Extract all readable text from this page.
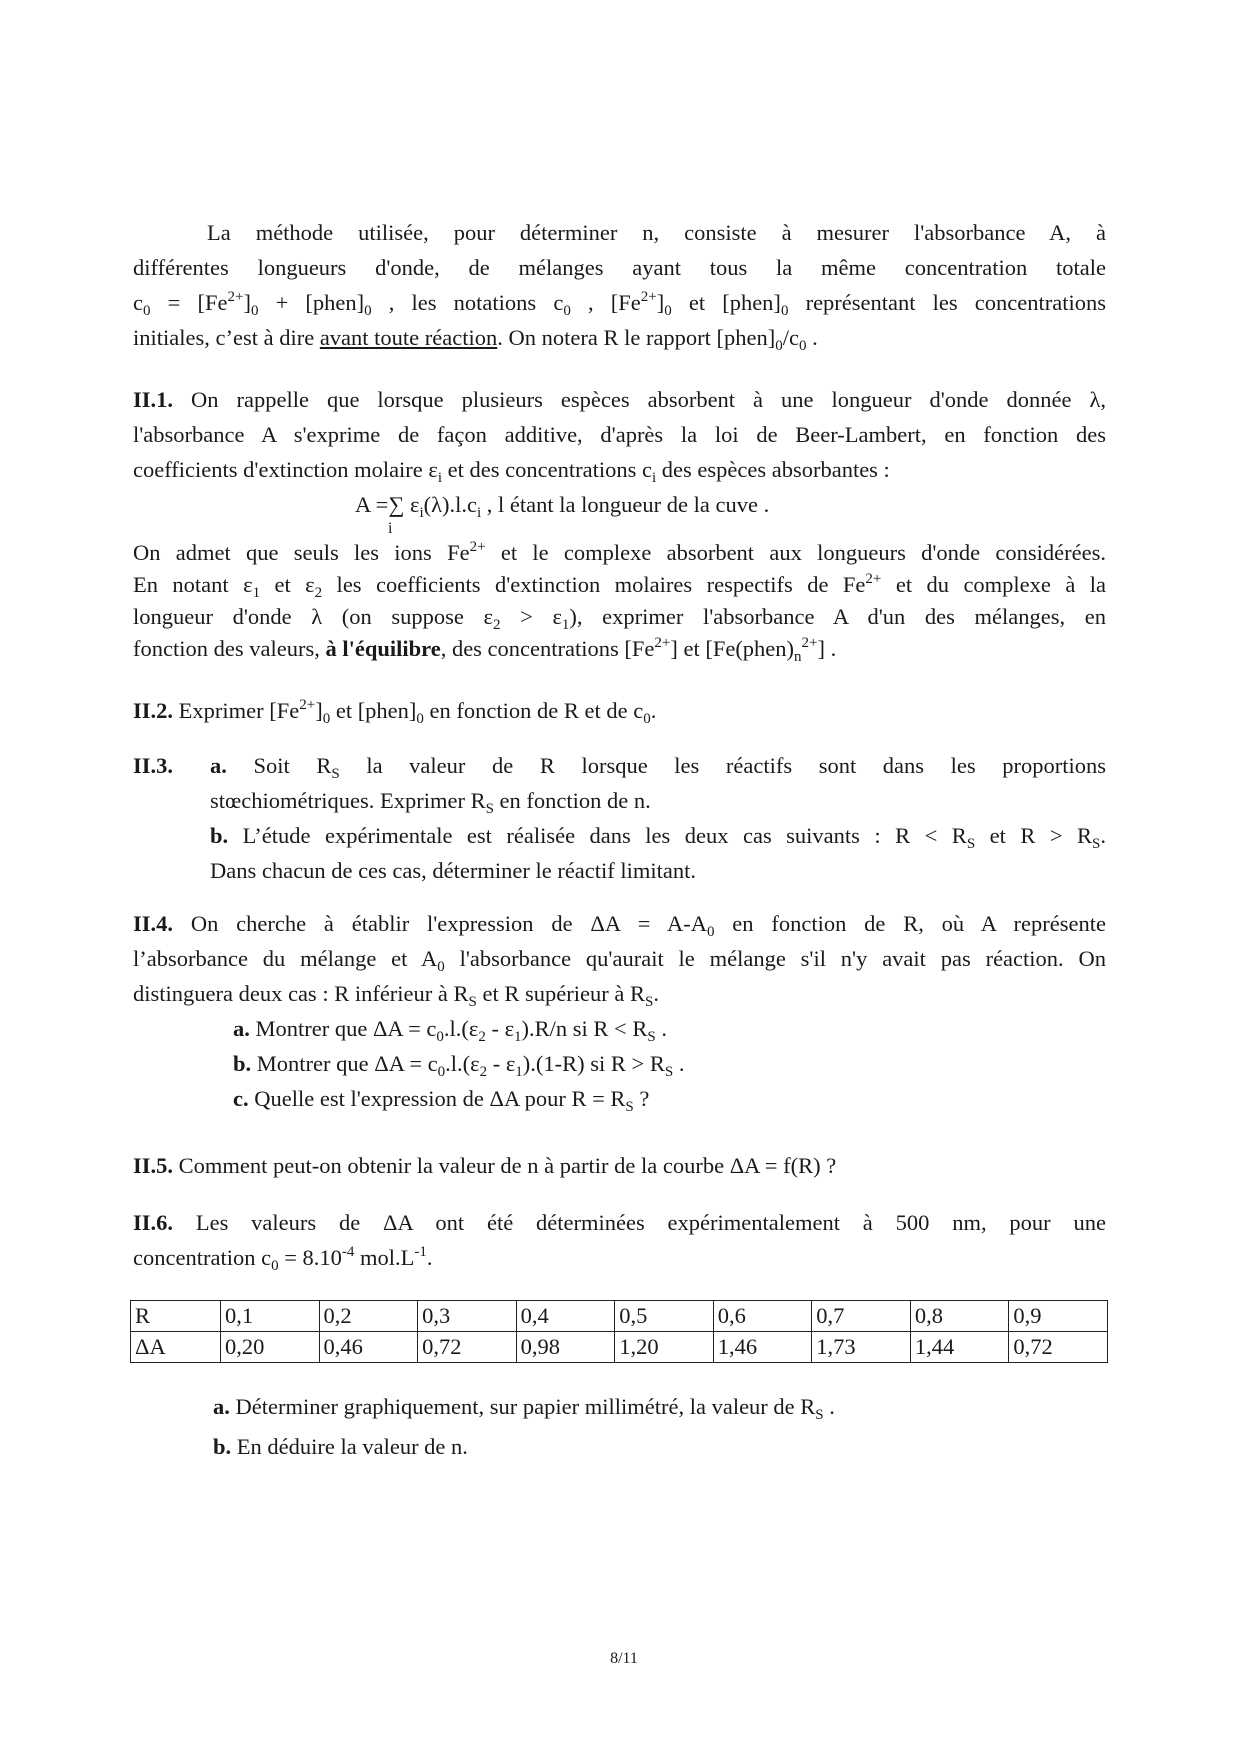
La méthode utilisée, pour déterminer n, consiste à mesurer l'absorbance A, à

différentes longueurs d'onde, de mélanges ayant tous la même concentration totale

$c_0 = [Fe^{2+}]_0$ + $[phen]_0$ , les notations $c_0$ , $[Fe^{2+}]_0$ et $[phen]_0$ représentant les concentrations

initiales, c’est à dire avant toute réaction. On notera R le rapport $[phen]_0/c_0$ .

II.1. On rappelle que lorsque plusieurs espèces absorbent à une longueur d'onde donnée λ,

l'absorbance A s'exprime de façon additive, d'après la loi de Beer-Lambert, en fonction des

coefficients d'extinction molaire $\varepsilon_i$ et des concentrations $c_i$ des espèces absorbantes :

A =∑ $\varepsilon_i(\lambda).l.c_i$ , l étant la longueur de la cuve .
i

On admet que seuls les ions $Fe^{2+}$ et le complexe absorbent aux longueurs d'onde considérées.

En notant $\varepsilon_1$ et $\varepsilon_2$ les coefficients d'extinction molaires respectifs de $Fe^{2+}$ et du complexe à la

longueur d'onde λ (on suppose $\varepsilon_2 > \varepsilon_1$), exprimer l'absorbance A d'un des mélanges, en

fonction des valeurs, à l'équilibre, des concentrations $[Fe^{2+}]$ et $[Fe(phen)_n^{2+}]$ .

II.2. Exprimer $[Fe^{2+}]_0$ et $[phen]_0$ en fonction de R et de $c_0$.

II.3.	a. Soit $R_S$ la valeur de R lorsque les réactifs sont dans les proportions

stœchiométriques. Exprimer $R_S$ en fonction de n.

b. L’étude expérimentale est réalisée dans les deux cas suivants : $R < R_S$ et $R > R_S$.

Dans chacun de ces cas, déterminer le réactif limitant.

II.4. On cherche à établir l'expression de $\Delta A = A-A_0$ en fonction de R, où A représente

l’absorbance du mélange et $A_0$ l'absorbance qu'aurait le mélange s'il n'y avait pas réaction. On

distinguera deux cas : R inférieur à $R_S$ et R supérieur à $R_S$.

a. Montrer que $\Delta A = c_0.l.(\varepsilon_2 - \varepsilon_1).R/n$ si $R < R_S$ .

b. Montrer que $\Delta A = c_0.l.(\varepsilon_2 - \varepsilon_1).(1-R)$ si $R > R_S$ .

c. Quelle est l'expression de ΔA pour $R = R_S$ ?

II.5. Comment peut-on obtenir la valeur de n à partir de la courbe ΔA = f(R) ?

II.6. Les valeurs de ΔA ont été déterminées expérimentalement à 500 nm, pour une

concentration $c_0 = 8.10^{-4}$ $mol.L^{-1}$.

R	0,1	0,2	0,3	0,4	0,5	0,6	0,7	0,8	0,9
ΔA	0,20	0,46	0,72	0,98	1,20	1,46	1,73	1,44	0,72

a. Déterminer graphiquement, sur papier millimétré, la valeur de $R_S$ .

b. En déduire la valeur de n.

8/11
